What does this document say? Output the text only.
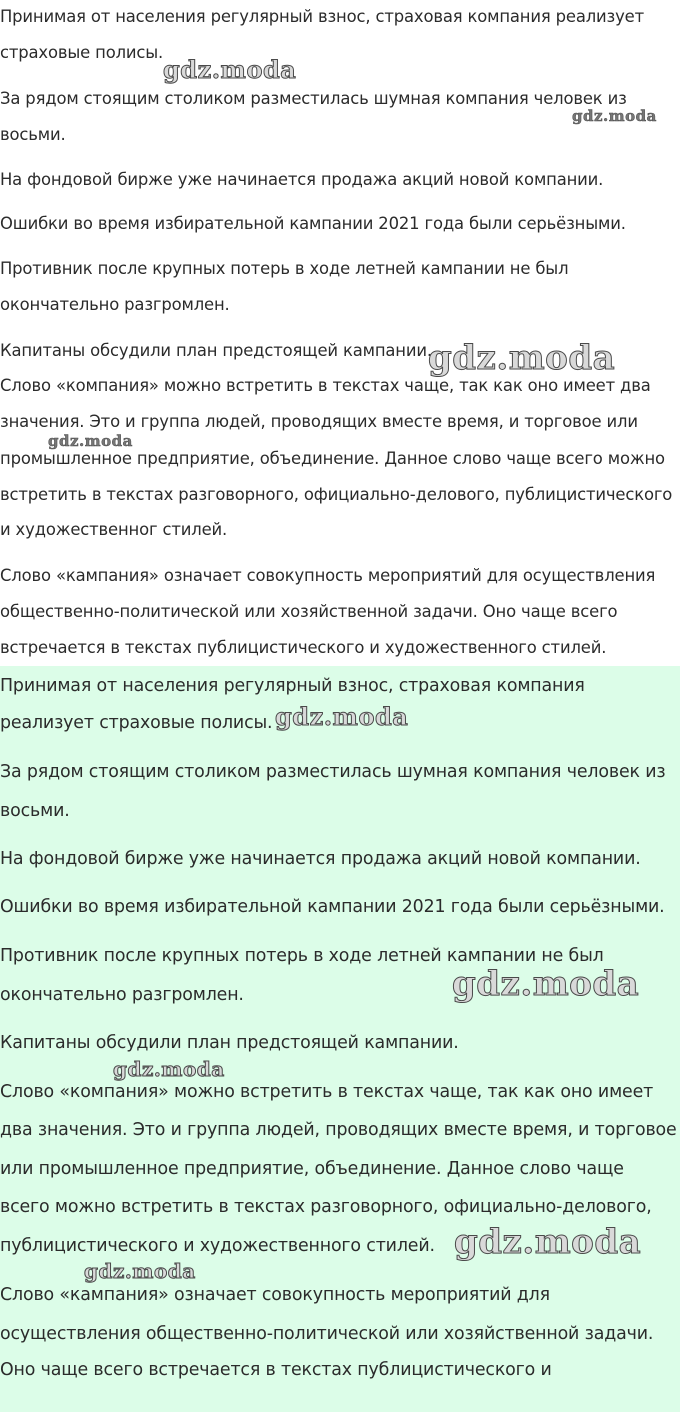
Принимая от населения регулярный взнос, страховая компания реализует
страховые полисы.
За рядом стоящим столиком разместилась шумная компания человек из
восьми.
На фондовой бирже уже начинается продажа акций новой компании.
Ошибки во время избирательной кампании 2021 года были серьёзными.
Противник после крупных потерь в ходе летней кампании не был
окончательно разгромлен.
Капитаны обсудили план предстоящей кампании.
Слово «компания» можно встретить в текстах чаще, так как оно имеет два
значения. Это и группа людей, проводящих вместе время, и торговое или
промышленное предприятие, объединение. Данное слово чаще всего можно
встретить в текстах разговорного, официально-делового, публицистического
и художественног стилей.
Слово «кампания» означает совокупность мероприятий для осуществления
общественно-политической или хозяйственной задачи. Оно чаще всего
встречается в текстах публицистического и художественного стилей.
Принимая от населения регулярный взнос, страховая компания
реализует страховые полисы.
За рядом стоящим столиком разместилась шумная компания человек из
восьми.
На фондовой бирже уже начинается продажа акций новой компании.
Ошибки во время избирательной кампании 2021 года были серьёзными.
Противник после крупных потерь в ходе летней кампании не был
окончательно разгромлен.
Капитаны обсудили план предстоящей кампании.
Слово «компания» можно встретить в текстах чаще, так как оно имеет
два значения. Это и группа людей, проводящих вместе время, и торговое
или промышленное предприятие, объединение. Данное слово чаще
всего можно встретить в текстах разговорного, официально-делового,
публицистического и художественного стилей.
Слово «кампания» означает совокупность мероприятий для
осуществления общественно-политической или хозяйственной задачи.
Оно чаще всего встречается в текстах публицистического и
gdz.moda
gdz.moda
gdz.moda
gdz.moda
gdz.moda
gdz.moda
gdz.moda
gdz.moda
gdz.moda
